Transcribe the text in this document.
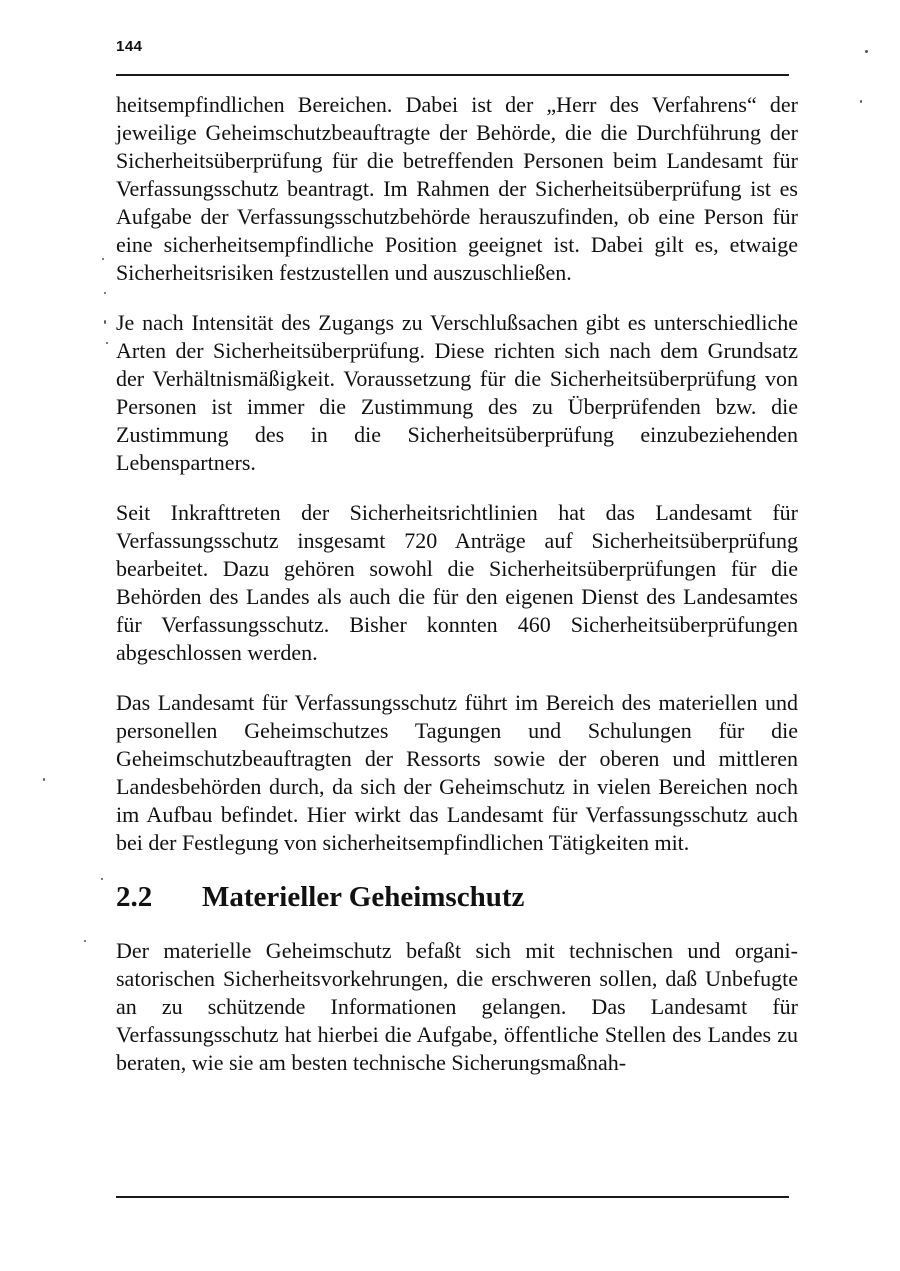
144

heitsempfindlichen Bereichen. Dabei ist der „Herr des Verfahrens“ der jeweilige Geheimschutzbeauftragte der Behörde, die die Durchführung der Sicherheitsüberprüfung für die betreffenden Personen beim Landesamt für Verfassungsschutz beantragt. Im Rahmen der Sicherheitsüberprüfung ist es Aufgabe der Verfassungsschutzbehörde herauszufinden, ob eine Person für eine sicherheitsempfindliche Position geeignet ist. Dabei gilt es, etwaige Sicherheitsrisiken festzustellen und auszuschließen.

Je nach Intensität des Zugangs zu Verschlußsachen gibt es unterschiedliche Arten der Sicherheitsüberprüfung. Diese richten sich nach dem Grundsatz der Verhältnismäßigkeit. Voraussetzung für die Sicherheitsüberprüfung von Personen ist immer die Zustimmung des zu Überprüfenden bzw. die Zustimmung des in die Sicherheitsüberprüfung einzubeziehenden Lebenspartners.

Seit Inkrafttreten der Sicherheitsrichtlinien hat das Landesamt für Verfassungsschutz insgesamt 720 Anträge auf Sicherheitsüberprüfung bearbeitet. Dazu gehören sowohl die Sicherheitsüberprüfungen für die Behörden des Landes als auch die für den eigenen Dienst des Landesamtes für Verfassungsschutz. Bisher konnten 460 Sicherheitsüberprüfungen abgeschlossen werden.

Das Landesamt für Verfassungsschutz führt im Bereich des materiellen und personellen Geheimschutzes Tagungen und Schulungen für die Geheimschutzbeauftragten der Ressorts sowie der oberen und mittleren Landesbehörden durch, da sich der Geheimschutz in vielen Bereichen noch im Aufbau befindet. Hier wirkt das Landesamt für Verfassungsschutz auch bei der Festlegung von sicherheitsempfindlichen Tätigkeiten mit.

2.2	Materieller Geheimschutz

Der materielle Geheimschutz befaßt sich mit technischen und organisatorischen Sicherheitsvorkehrungen, die erschweren sollen, daß Unbefugte an zu schützende Informationen gelangen. Das Landesamt für Verfassungsschutz hat hierbei die Aufgabe, öffentliche Stellen des Landes zu beraten, wie sie am besten technische Sicherungsmaßnah-
